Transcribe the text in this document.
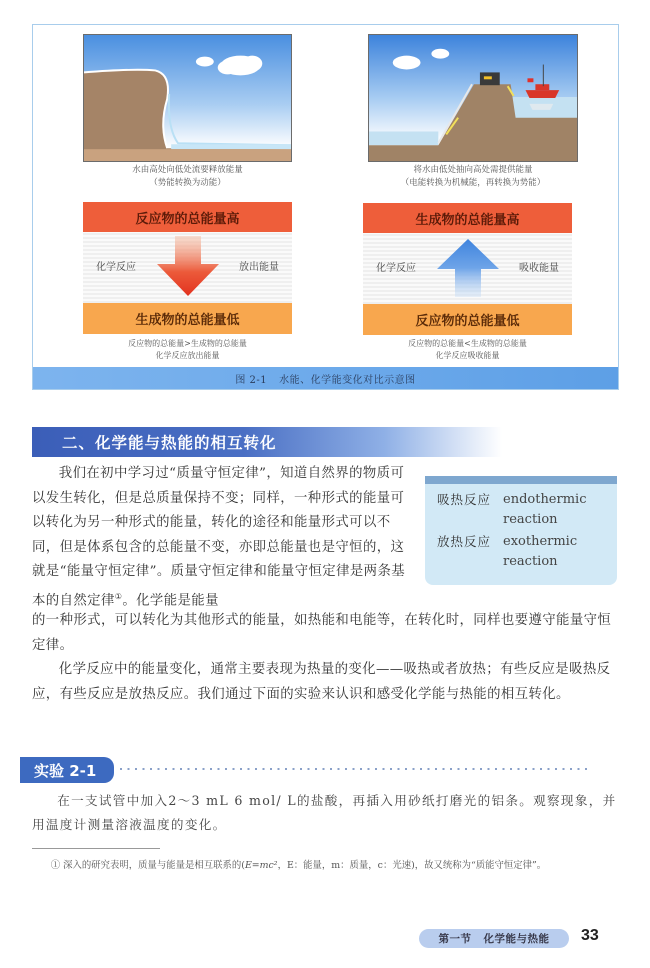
水由高处向低处流要释放能量
（势能转换为动能）
将水由低处抽向高处需提供能量
（电能转换为机械能，再转换为势能）
反应物的总能量高
化学反应	放出能量
生成物的总能量低
反应物的总能量>生成物的总能量
化学反应放出能量
生成物的总能量高
化学反应	吸收能量
反应物的总能量低
反应物的总能量<生成物的总能量
化学反应吸收能量
图 2-1 水能、化学能变化对比示意图
二、化学能与热能的相互转化
我们在初中学习过“质量守恒定律”，知道自然界的物质可以发生转化，但是总质量保持不变；同样，一种形式的能量可以转化为另一种形式的能量，转化的途径和能量形式可以不同，但是体系包含的总能量不变，亦即总能量也是守恒的，这就是“能量守恒定律”。质量守恒定律和能量守恒定律是两条基本的自然定律①。化学能是能量
的一种形式，可以转化为其他形式的能量，如热能和电能等，在转化时，同样也要遵守能量守恒定律。
吸热反应 endothermic reaction
放热反应 exothermic reaction
化学反应中的能量变化，通常主要表现为热量的变化——吸热或者放热；有些反应是吸热反应，有些反应是放热反应。我们通过下面的实验来认识和感受化学能与热能的相互转化。
实验 2-1
在一支试管中加入2～3 mL 6 mol/ L的盐酸，再插入用砂纸打磨光的铝条。观察现象，并用温度计测量溶液温度的变化。
① 深入的研究表明，质量与能量是相互联系的(E=mc²，E：能量，m：质量，c：光速)，故又统称为“质能守恒定律”。
第一节 化学能与热能 33
